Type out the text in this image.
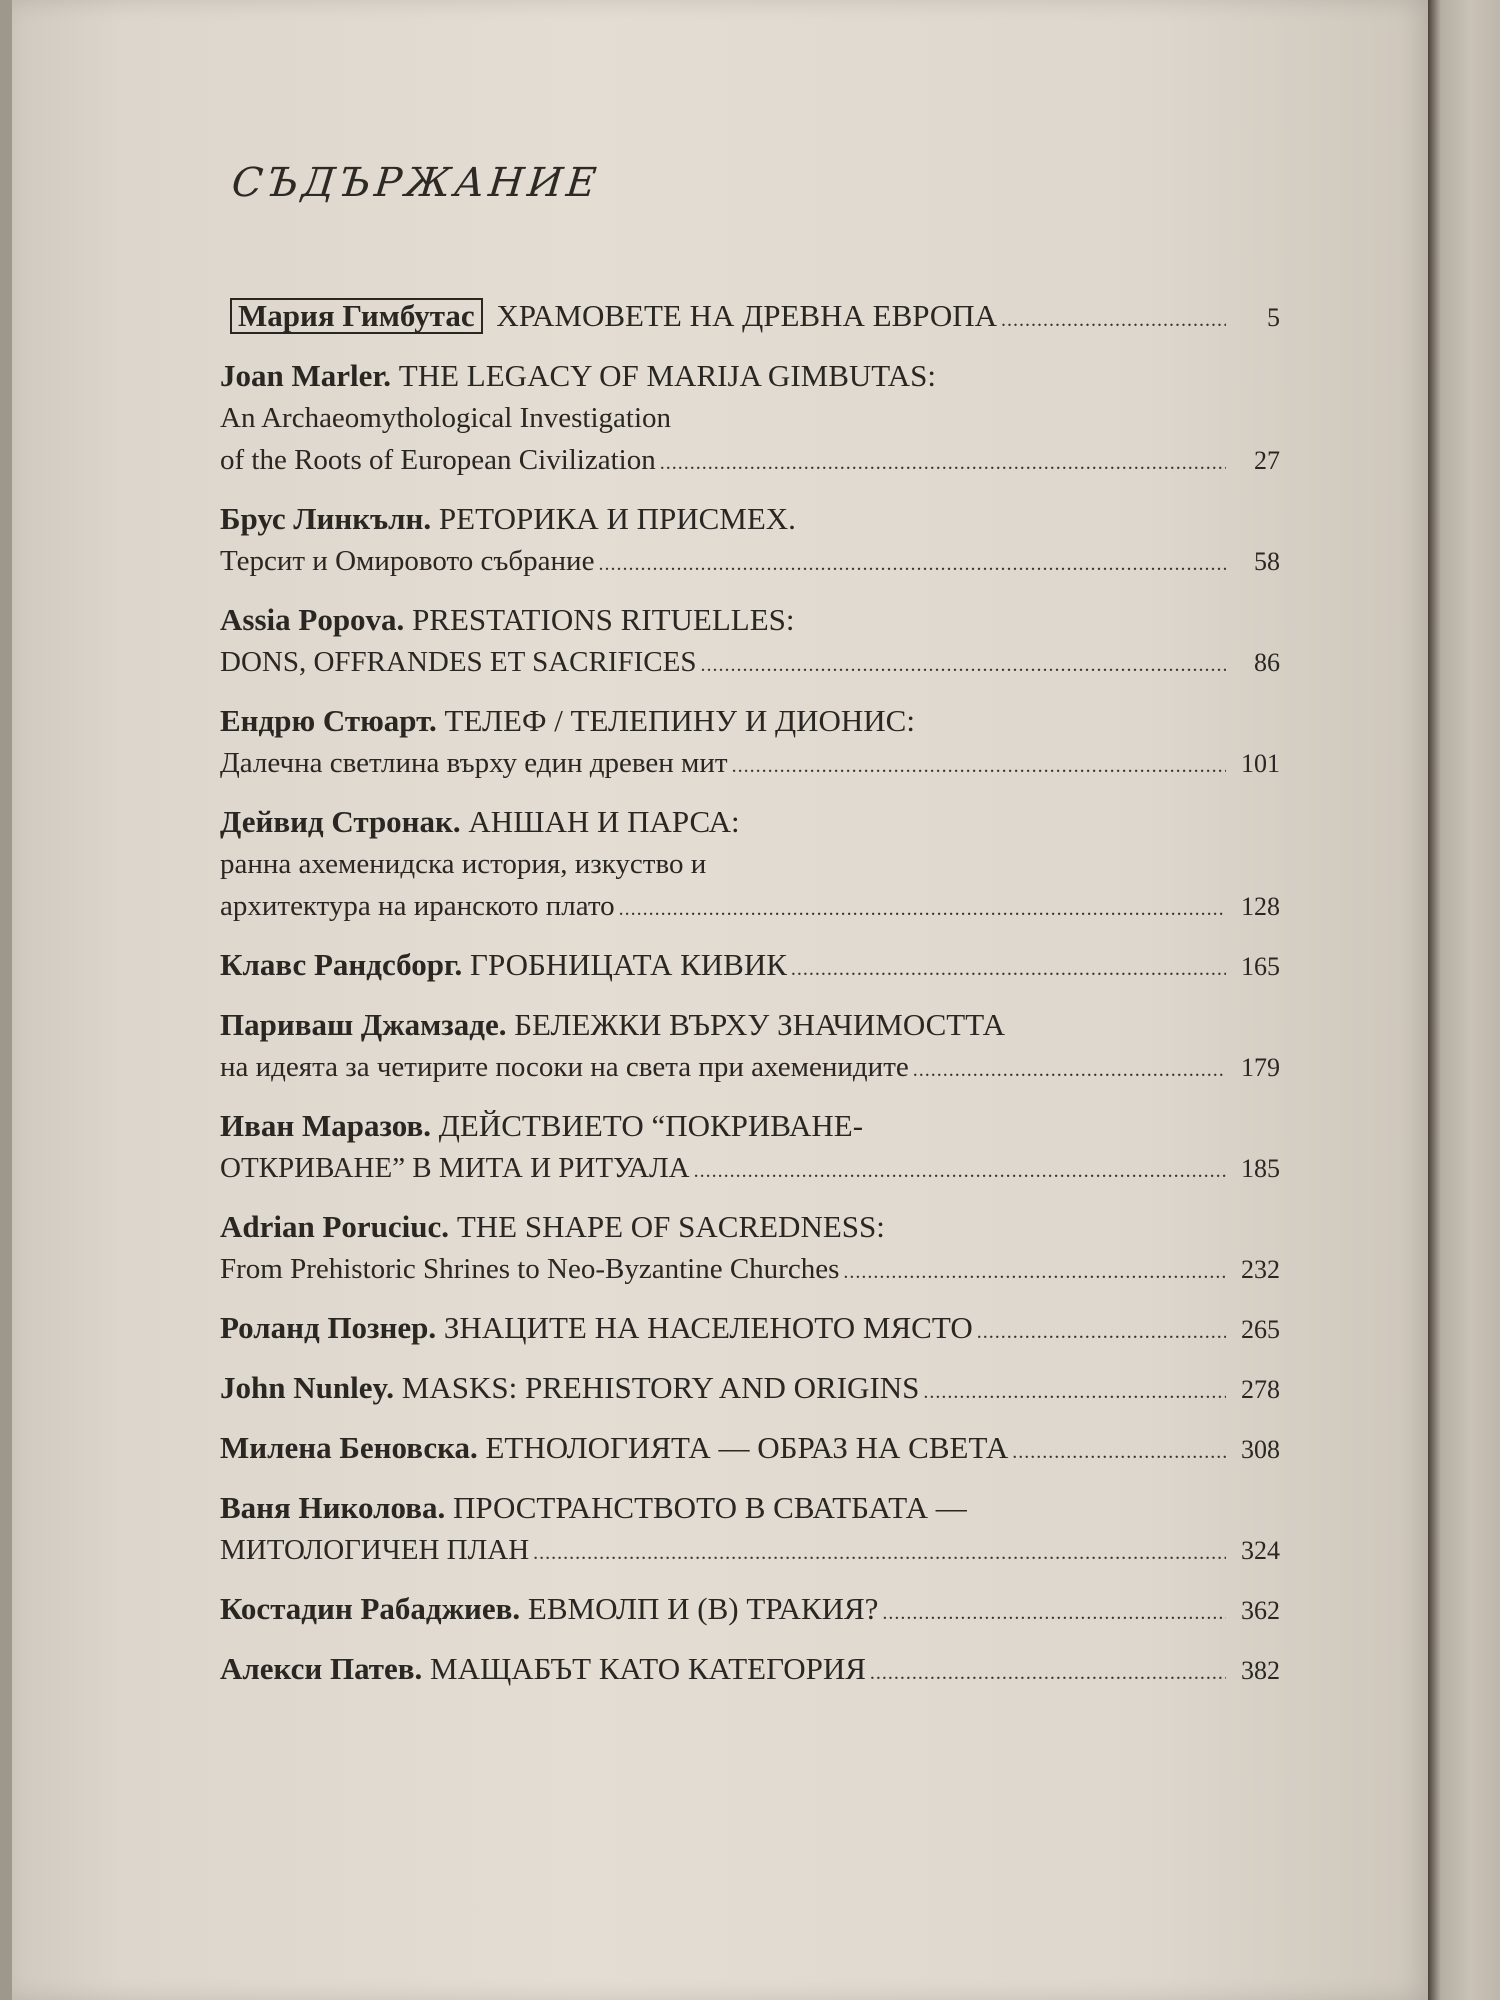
СЪДЪРЖАНИЕ
Мария Гимбутас
ХРАМОВЕТЕ НА ДРЕВНА ЕВРОПА .....	5
Joan Marler.
THE LEGACY OF MARIJA GIMBUTAS:
An Archaeomythological Investigation
of the Roots of European Civilization .....	27
Брус Линкълн.
РЕТОРИКА И ПРИСМЕХ.
Терсит и Омировото събрание .....	58
Assia Popova.
PRESTATIONS RITUELLES:
DONS, OFFRANDES ET SACRIFICES .....	86
Ендрю Стюарт.
ТЕЛЕФ / ТЕЛЕПИНУ И ДИОНИС:
Далечна светлина върху един древен мит .....	101
Дейвид Стронак.
АНШАН И ПАРСА:
ранна ахеменидска история, изкуство и
архитектура на иранското плато .....	128
Клавс Рандсборг.
ГРОБНИЦАТА КИВИК .....	165
Париваш Джамзаде.
БЕЛЕЖКИ ВЪРХУ ЗНАЧИМОСТТА
на идеята за четирите посоки на света при ахеменидите .....	179
Иван Маразов.
ДЕЙСТВИЕТО “ПОКРИВАНЕ-
ОТКРИВАНЕ” В МИТА И РИТУАЛА .....	185
Adrian Poruciuc.
THE SHAPE OF SACREDNESS:
From Prehistoric Shrines to Neo-Byzantine Churches .....	232
Роланд Познер.
ЗНАЦИТЕ НА НАСЕЛЕНОТО МЯСТО .....	265
John Nunley.
MASKS: PREHISTORY AND ORIGINS .....	278
Милена Беновска.
ЕТНОЛОГИЯТА — ОБРАЗ НА СВЕТА .....	308
Ваня Николова.
ПРОСТРАНСТВОТО В СВАТБАТА —
МИТОЛОГИЧЕН ПЛАН .....	324
Костадин Рабаджиев.
ЕВМОЛП И (В) ТРАКИЯ? .....	362
Алекси Патев.
МАЩАБЪТ КАТО КАТЕГОРИЯ .....	382
